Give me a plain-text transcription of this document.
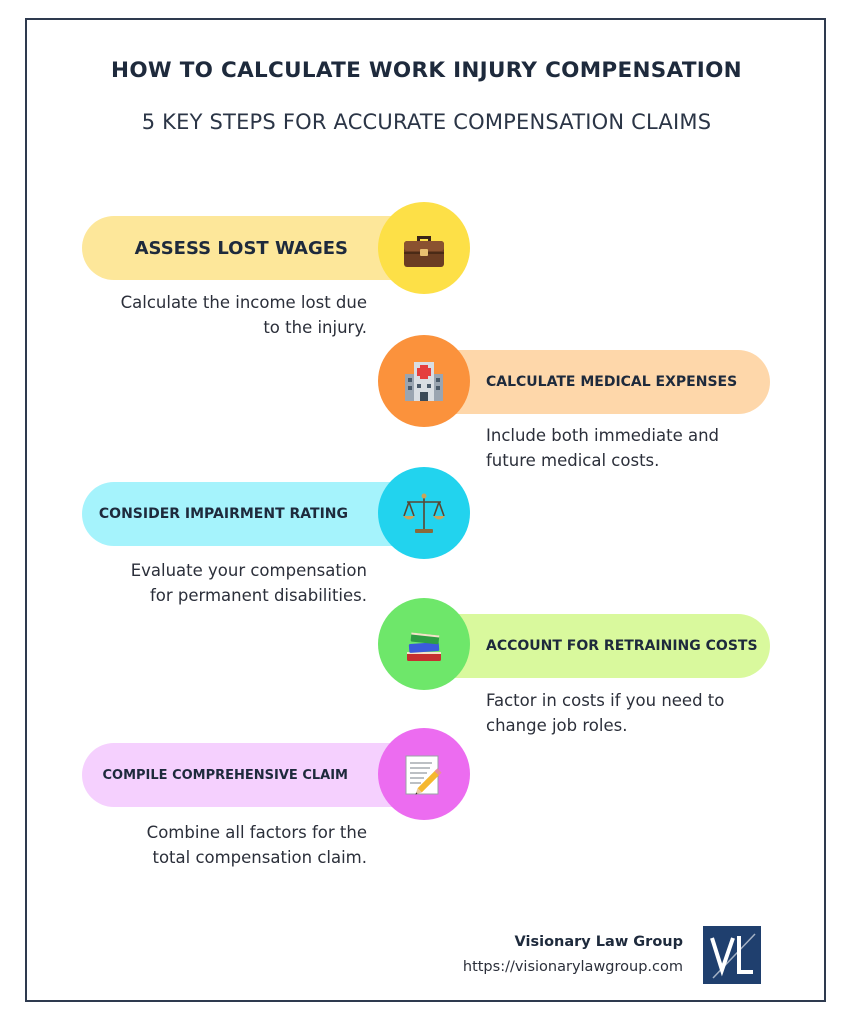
HOW TO CALCULATE WORK INJURY COMPENSATION
5 KEY STEPS FOR ACCURATE COMPENSATION CLAIMS
ASSESS LOST WAGES
Calculate the income lost due
to the injury.
CALCULATE MEDICAL EXPENSES
Include both immediate and
future medical costs.
CONSIDER IMPAIRMENT RATING
Evaluate your compensation
for permanent disabilities.
ACCOUNT FOR RETRAINING COSTS
Factor in costs if you need to
change job roles.
COMPILE COMPREHENSIVE CLAIM
Combine all factors for the
total compensation claim.
Visionary Law Group
https://visionarylawgroup.com
